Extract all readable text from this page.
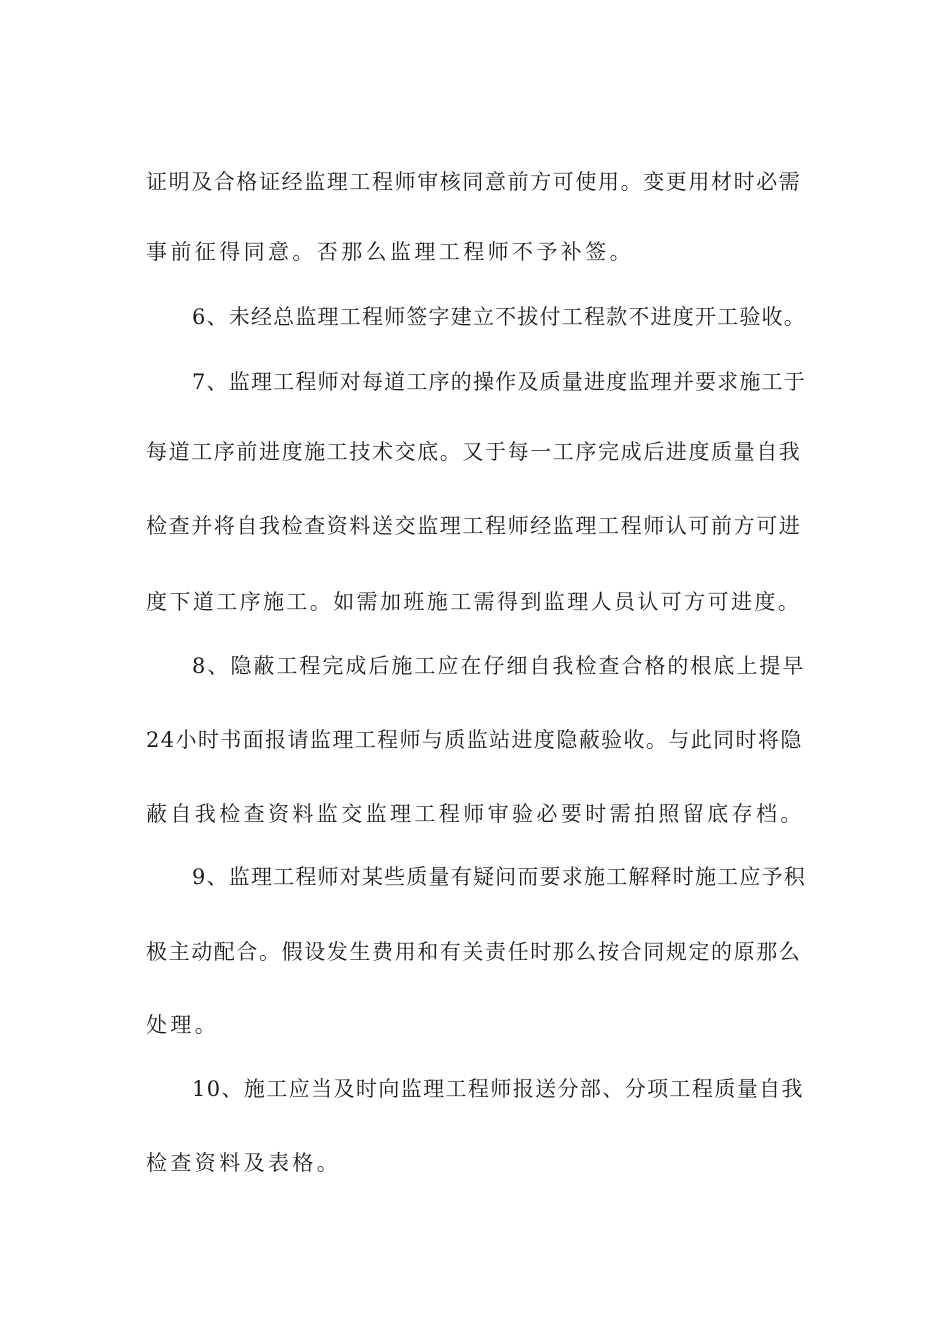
证明及合格证经监理工程师审核同意前方可使用。变更用材时必需
事前征得同意。否那么监理工程师不予补签。
6、未经总监理工程师签字建立不拔付工程款不进度开工验收。
7、监理工程师对每道工序的操作及质量进度监理并要求施工于
每道工序前进度施工技术交底。又于每一工序完成后进度质量自我
检查并将自我检查资料送交监理工程师经监理工程师认可前方可进
度下道工序施工。如需加班施工需得到监理人员认可方可进度。
8、隐蔽工程完成后施工应在仔细自我检查合格的根底上提早
24小时书面报请监理工程师与质监站进度隐蔽验收。与此同时将隐
蔽自我检查资料监交监理工程师审验必要时需拍照留底存档。
9、监理工程师对某些质量有疑问而要求施工解释时施工应予积
极主动配合。假设发生费用和有关责任时那么按合同规定的原那么
处理。
10、施工应当及时向监理工程师报送分部、分项工程质量自我
检查资料及表格。
